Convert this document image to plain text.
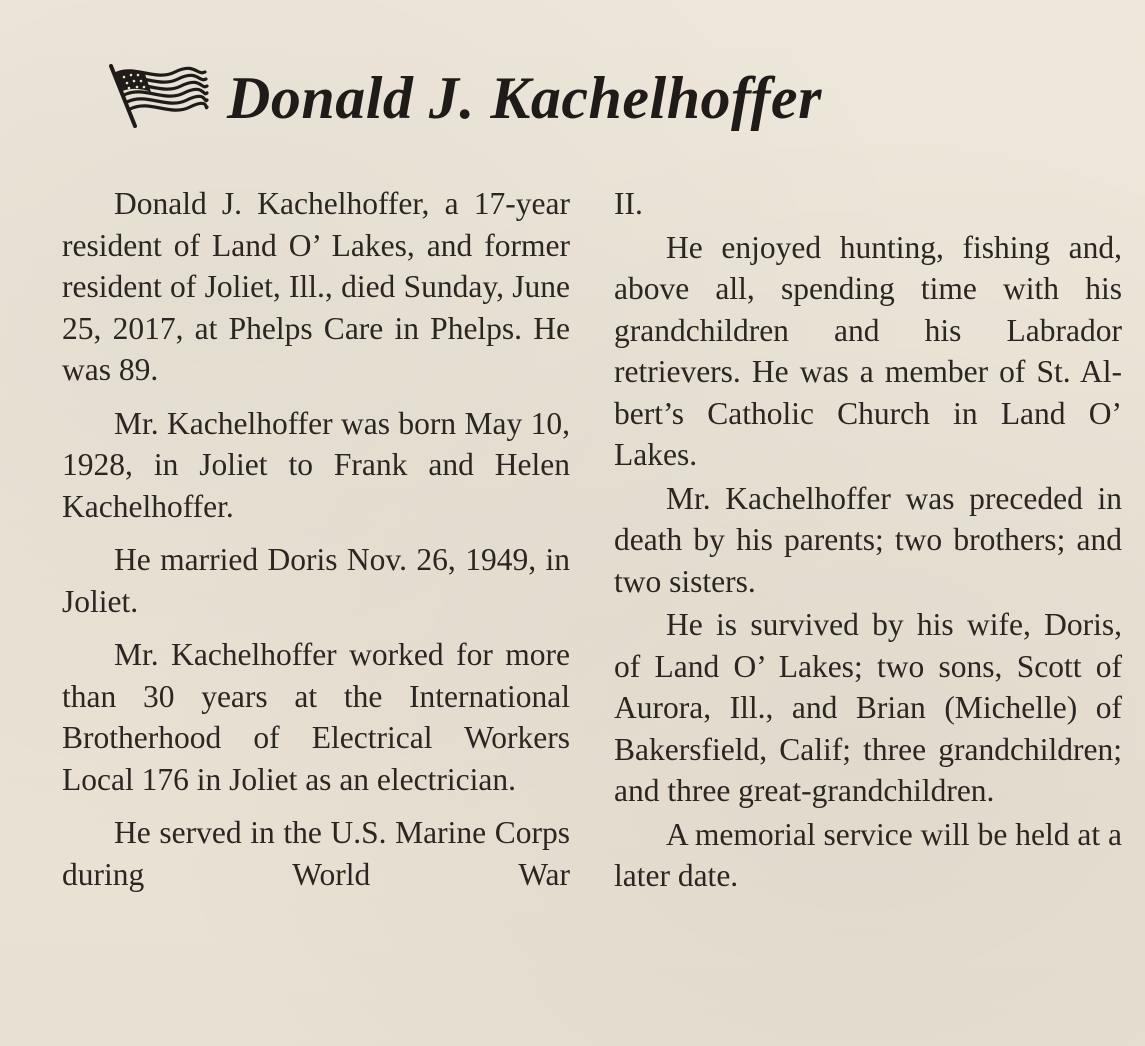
Donald J. Kachelhoffer

Donald J. Kachelhoffer, a 17-year resident of Land O’ Lakes, and former resident of Joliet, Ill., died Sunday, June 25, 2017, at Phelps Care in Phelps. He was 89.

Mr. Kachelhoffer was born May 10, 1928, in Joliet to Frank and Helen Kachelhoffer.

He married Doris Nov. 26, 1949, in Joliet.

Mr. Kachelhoffer worked for more than 30 years at the International Brotherhood of Electrical Workers Local 176 in Joliet as an electrician.

He served in the U.S. Marine Corps during World War

II.

He enjoyed hunting, fishing and, above all, spending time with his grandchildren and his Labrador retrievers. He was a member of St. Albert’s Catholic Church in Land O’ Lakes.

Mr. Kachelhoffer was preceded in death by his parents; two brothers; and two sisters.

He is survived by his wife, Doris, of Land O’ Lakes; two sons, Scott of Aurora, Ill., and Brian (Michelle) of Bakersfield, Calif; three grandchildren; and three great-grandchildren.

A memorial service will be held at a later date.
